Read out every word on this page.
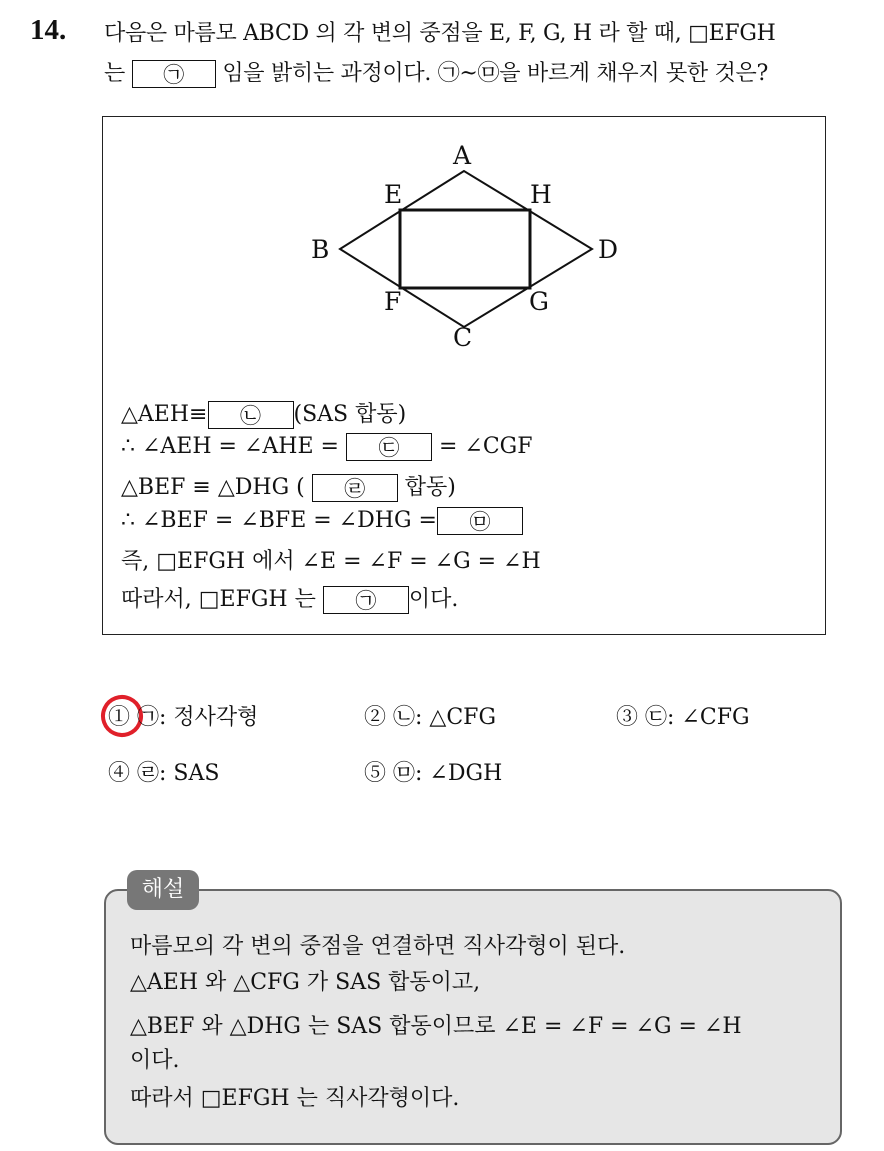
14. 다음은 마름모 ABCD 의 각 변의 중점을 E, F, G, H 라 할 때, □EFGH
는 ㉠ 임을 밝히는 과정이다. ㉠~㉤을 바르게 채우지 못한 것은?
A
B
C
D
E
F	G
H
△AEH≡ ㉡ (SAS 합동)
∴ ∠AEH = ∠AHE = ㉢ = ∠CGF
△BEF ≡ △DHG ( ㉣ 합동)
∴ ∠BEF = ∠BFE = ∠DHG = ㉤
즉, □EFGH 에서 ∠E = ∠F = ∠G = ∠H
따라서, □EFGH 는 ㉠ 이다.
① ㉠: 정사각형	② ㉡: △CFG	③ ㉢: ∠CFG
④ ㉣: SAS	⑤ ㉤: ∠DGH
마름모의 각 변의 중점을 연결하면 직사각형이 된다.
△AEH 와 △CFG 가 SAS 합동이고,
△BEF 와 △DHG 는 SAS 합동이므로 ∠E = ∠F = ∠G = ∠H
이다.
따라서 □EFGH 는 직사각형이다.
해설
